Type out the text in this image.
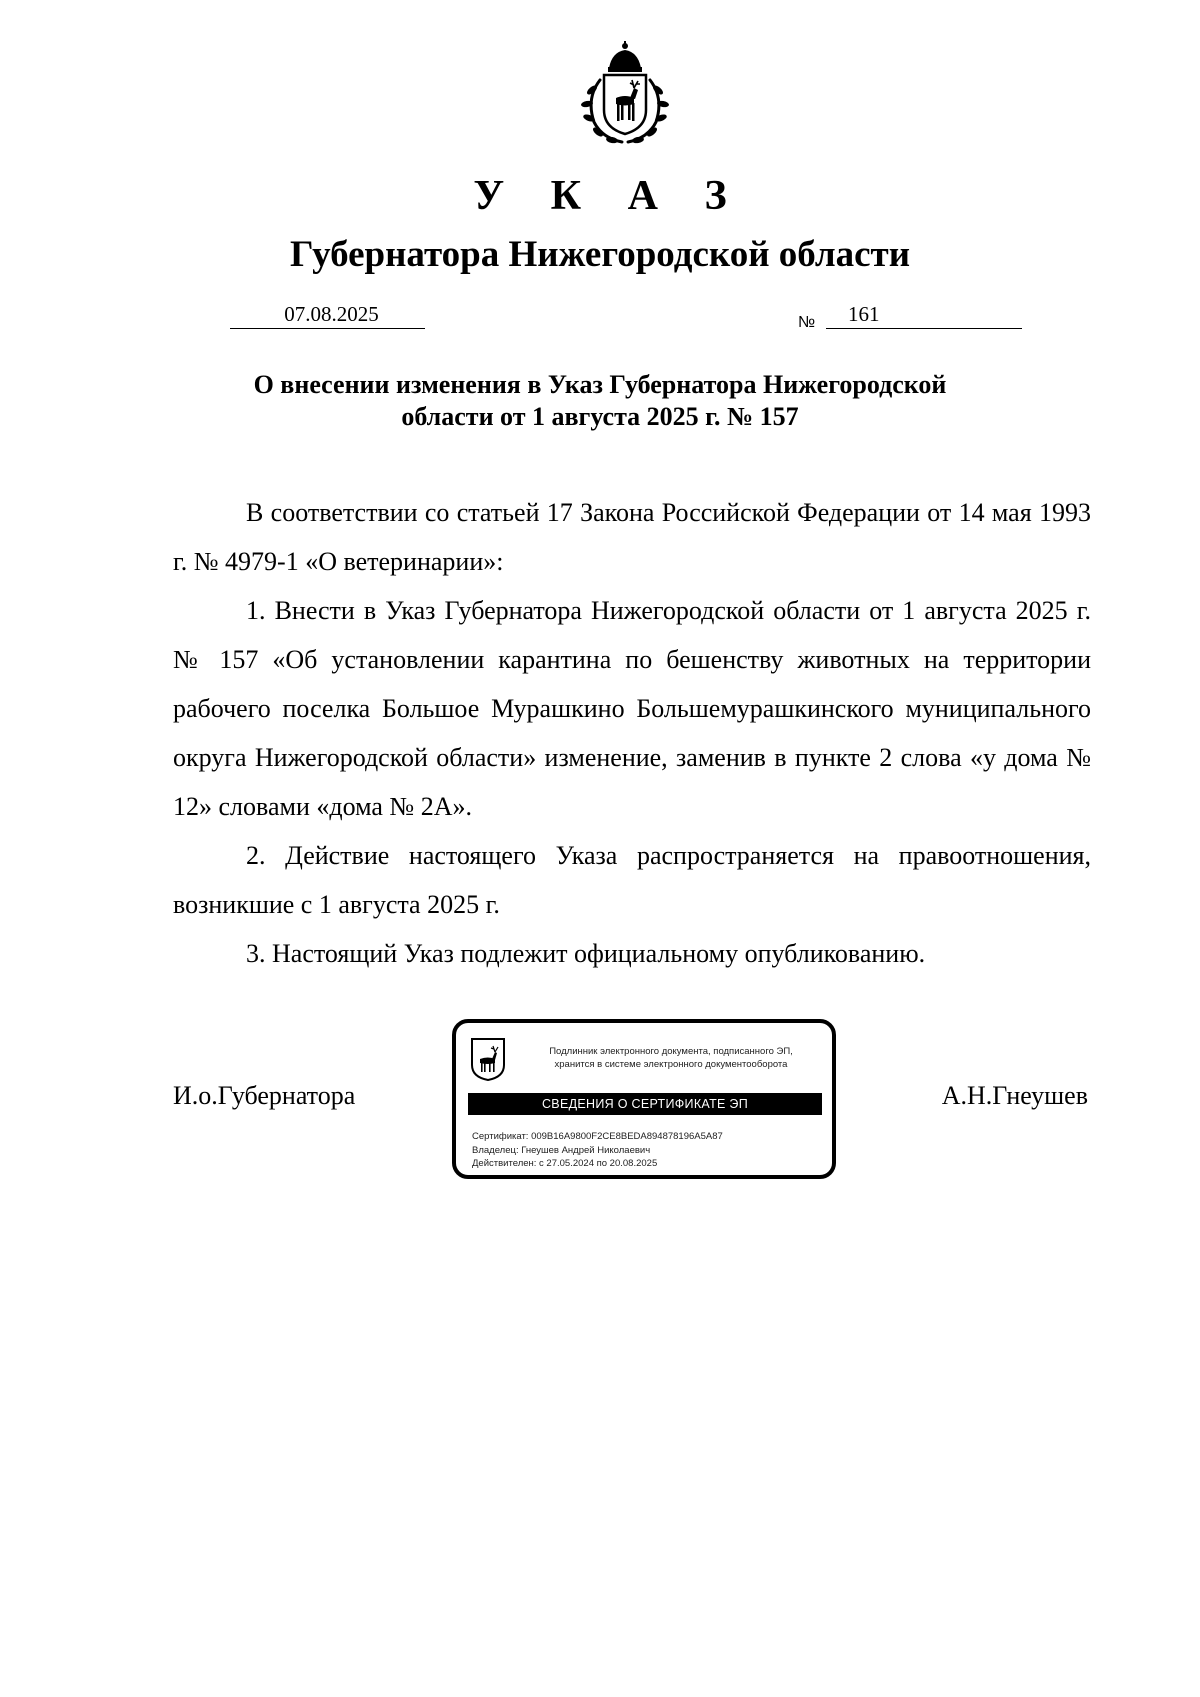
У К А З
Губернатора Нижегородской области
07.08.2025	№	161
О внесении изменения в Указ Губернатора Нижегородской
области от 1 августа 2025 г. № 157

В соответствии со статьей 17 Закона Российской Федерации от 14 мая 1993 г. № 4979-1 «О ветеринарии»:

1. Внести в Указ Губернатора Нижегородской области от 1 августа 2025 г. № 157 «Об установлении карантина по бешенству животных на территории рабочего поселка Большое Мурашкино Большемурашкинского муниципального округа Нижегородской области» изменение, заменив в пункте 2 слова «у дома № 12» словами «дома № 2А».

2. Действие настоящего Указа распространяется на правоотношения, возникшие с 1 августа 2025 г.

3. Настоящий Указ подлежит официальному опубликованию.

И.о.Губернатора	А.Н.Гнеушев
Подлинник электронного документа, подписанного ЭП,
хранится в системе электронного документооборота
СВЕДЕНИЯ О СЕРТИФИКАТЕ ЭП
Сертификат: 009B16A9800F2CE8BEDA894878196A5A87
Владелец: Гнеушев Андрей Николаевич
Действителен: с 27.05.2024 по 20.08.2025
